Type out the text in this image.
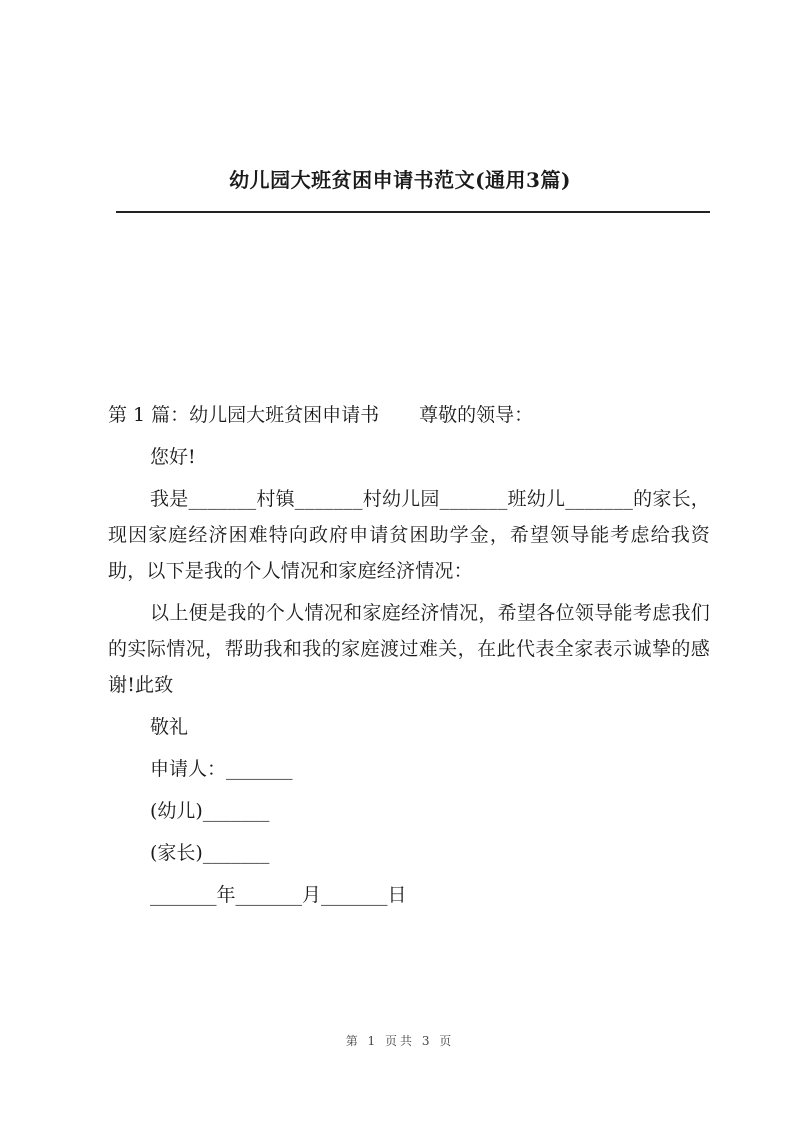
幼儿园大班贫困申请书范文(通用3篇)
第 1 篇：幼儿园大班贫困申请书 尊敬的领导：
您好!
我是_______村镇_______村幼儿园_______班幼儿_______的家长，现因家庭经济困难特向政府申请贫困助学金，希望领导能考虑给我资助，以下是我的个人情况和家庭经济情况：
以上便是我的个人情况和家庭经济情况，希望各位领导能考虑我们的实际情况，帮助我和我的家庭渡过难关，在此代表全家表示诚挚的感谢!此致
敬礼
申请人：_______
(幼儿)_______
(家长)_______
_______年_______月_______日
第 1 页共 3 页
